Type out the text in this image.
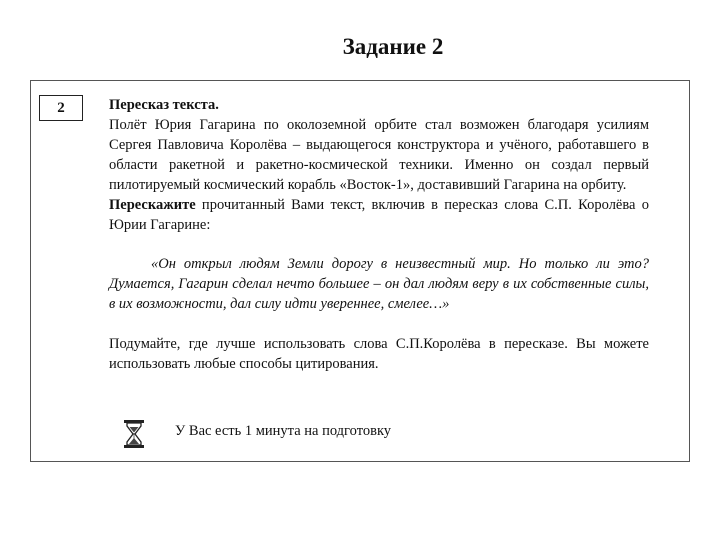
Задание 2
2	Пересказ текста.

Полёт Юрия Гагарина по околоземной орбите стал возможен благодаря усилиям Сергея Павловича Королёва – выдающегося конструктора и учёного, работавшего в области ракетной и ракетно-космической техники. Именно он создал первый пилотируемый космический корабль «Восток-1», доставивший Гагарина на орбиту.

Перескажите прочитанный Вами текст, включив в пересказ слова С.П. Королёва о Юрии Гагарине:

«Он открыл людям Земли дорогу в неизвестный мир. Но только ли это? Думается, Гагарин сделал нечто большее – он дал людям веру в их собственные силы, в их возможности, дал силу идти увереннее, смелее…»

Подумайте, где лучше использовать слова С.П.Королёва в пересказе. Вы можете использовать любые способы цитирования.

У Вас есть 1 минута на подготовку
